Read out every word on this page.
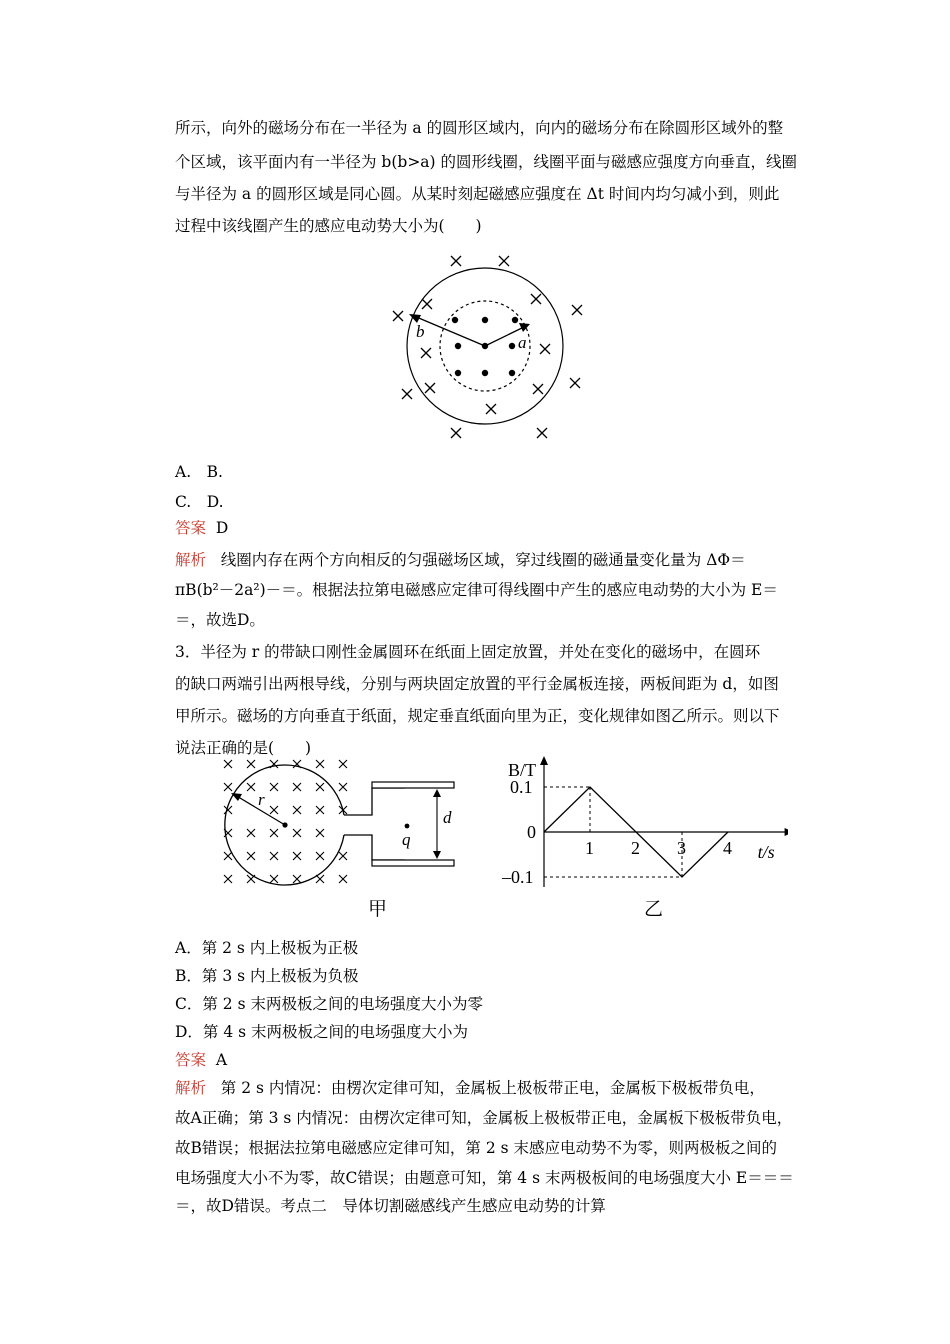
所示，向外的磁场分布在一半径为 a 的圆形区域内，向内的磁场分布在除圆形区域外的整
个区域，该平面内有一半径为 b(b>a) 的圆形线圈，线圈平面与磁感应强度方向垂直，线圈
与半径为 a 的圆形区域是同心圆。从某时刻起磁感应强度在 Δt 时间内均匀减小到，则此
过程中该线圈产生的感应电动势大小为(　　)
b
a
A.　B.
C.　D.
答案 D
解析 线圈内存在两个方向相反的匀强磁场区域，穿过线圈的磁通量变化量为 ΔΦ＝
πB(b²－2a²)－＝。根据法拉第电磁感应定律可得线圈中产生的感应电动势的大小为 E＝
＝，故选D。
3．半径为 r 的带缺口刚性金属圆环在纸面上固定放置，并处在变化的磁场中，在圆环
的缺口两端引出两根导线，分别与两块固定放置的平行金属板连接，两板间距为 d，如图
甲所示。磁场的方向垂直于纸面，规定垂直纸面向里为正，变化规律如图乙所示。则以下
说法正确的是(　　)
r
d
q
甲
1 2 3 4
0.1
–0.1
0
B/T
t/s
乙
A．第 2 s 内上极板为正极
B．第 3 s 内上极板为负极
C．第 2 s 末两极板之间的电场强度大小为零
D．第 4 s 末两极板之间的电场强度大小为
答案 A
解析 第 2 s 内情况：由楞次定律可知，金属板上极板带正电，金属板下极板带负电，
故A正确；第 3 s 内情况：由楞次定律可知，金属板上极板带正电，金属板下极板带负电，
故B错误；根据法拉第电磁感应定律可知，第 2 s 末感应电动势不为零，则两极板之间的
电场强度大小不为零，故C错误；由题意可知，第 4 s 末两极板间的电场强度大小 E＝＝＝
＝，故D错误。考点二　导体切割磁感线产生感应电动势的计算
